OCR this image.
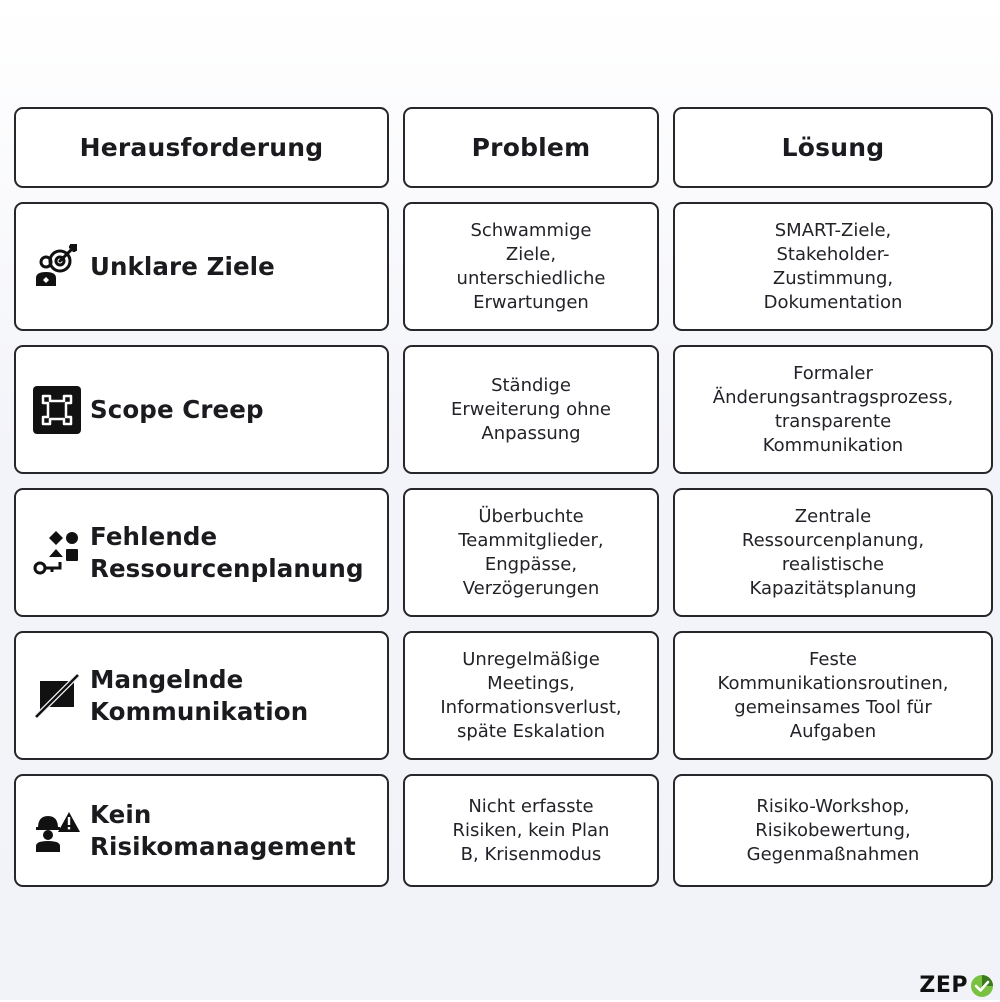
Herausforderung	Problem	Lösung
Unklare Ziele
Schwammige
Ziele,
unterschiedliche
Erwartungen
SMART-Ziele,
Stakeholder-
Zustimmung,
Dokumentation
Scope Creep
Ständige
Erweiterung ohne
Anpassung
Formaler
Änderungsantragsprozess,
transparente
Kommunikation
Fehlende
Ressourcenplanung
Überbuchte
Teammitglieder,
Engpässe,
Verzögerungen
Zentrale
Ressourcenplanung,
realistische
Kapazitätsplanung
Mangelnde
Kommunikation
Unregelmäßige
Meetings,
Informationsverlust,
späte Eskalation
Feste
Kommunikationsroutinen,
gemeinsames Tool für
Aufgaben
Kein
Risikomanagement
Nicht erfasste
Risiken, kein Plan
B, Krisenmodus
Risiko-Workshop,
Risikobewertung,
Gegenmaßnahmen
ZEP
